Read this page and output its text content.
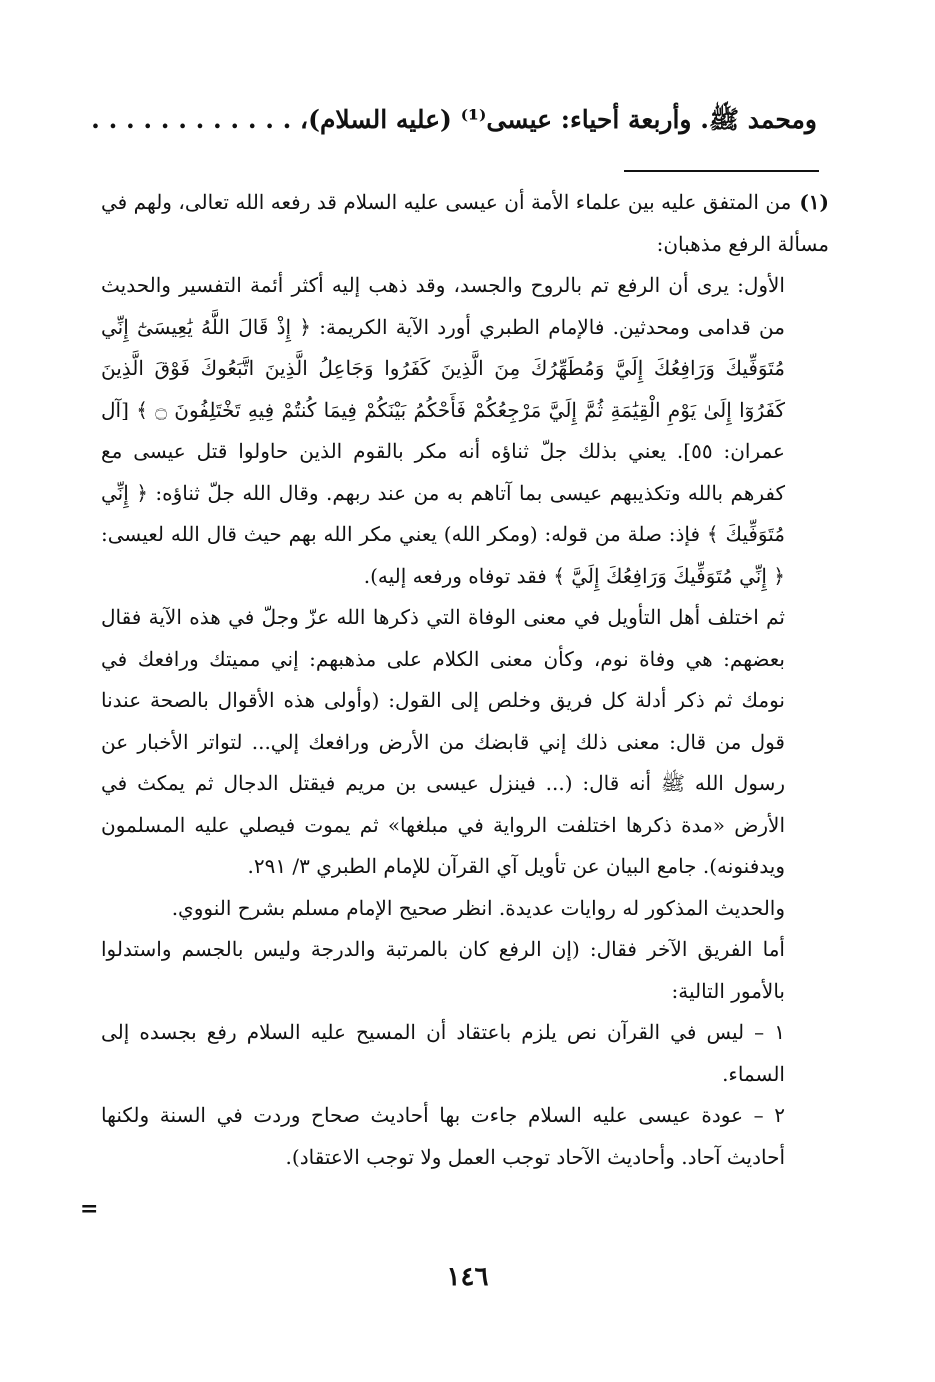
ومحمد ﷺ. وأربعة أحياء: عيسى⁽¹⁾ (عليه السلام)، . . . . . . . . . . . .

(١)من المتفق عليه بين علماء الأمة أن عيسى عليه السلام قد رفعه الله تعالى، ولهم في مسألة الرفع مذهبان:

الأول: يرى أن الرفع تم بالروح والجسد، وقد ذهب إليه أكثر أئمة التفسير والحديث من قدامى ومحدثين. فالإمام الطبري أورد الآية الكريمة: ﴿ إِذْ قَالَ اللَّهُ يَٰعِيسَىٰٓ إِنِّي مُتَوَفِّيكَ وَرَافِعُكَ إِلَيَّ وَمُطَهِّرُكَ مِنَ الَّذِينَ كَفَرُوا وَجَاعِلُ الَّذِينَ اتَّبَعُوكَ فَوْقَ الَّذِينَ كَفَرُوٓا إِلَىٰ يَوْمِ الْقِيَٰمَةِ ثُمَّ إِلَيَّ مَرْجِعُكُمْ فَأَحْكُمُ بَيْنَكُمْ فِيمَا كُنتُمْ فِيهِ تَخْتَلِفُونَ ۝ ﴾ [آل عمران: ٥٥]. يعني بذلك جلّ ثناؤه أنه مكر بالقوم الذين حاولوا قتل عيسى مع كفرهم بالله وتكذيبهم عيسى بما آتاهم به من عند ربهم. وقال الله جلّ ثناؤه: ﴿ إِنِّي مُتَوَفِّيكَ ﴾ فإذ: صلة من قوله: (ومكر الله) يعني مكر الله بهم حيث قال الله لعيسى: ﴿ إِنِّي مُتَوَفِّيكَ وَرَافِعُكَ إِلَيَّ ﴾ فقد توفاه ورفعه إليه).

ثم اختلف أهل التأويل في معنى الوفاة التي ذكرها الله عزّ وجلّ في هذه الآية فقال بعضهم: هي وفاة نوم، وكأن معنى الكلام على مذهبهم: إني مميتك ورافعك في نومك ثم ذكر أدلة كل فريق وخلص إلى القول: (وأولى هذه الأقوال بالصحة عندنا قول من قال: معنى ذلك إني قابضك من الأرض ورافعك إلي... لتواتر الأخبار عن رسول الله ﷺ أنه قال: (... فينزل عيسى بن مريم فيقتل الدجال ثم يمكث في الأرض «مدة ذكرها اختلفت الرواية في مبلغها» ثم يموت فيصلي عليه المسلمون ويدفنونه). جامع البيان عن تأويل آي القرآن للإمام الطبري ٣/ ٢٩١.

والحديث المذكور له روايات عديدة. انظر صحيح الإمام مسلم بشرح النووي.

أما الفريق الآخر فقال: (إن الرفع كان بالمرتبة والدرجة وليس بالجسم واستدلوا بالأمور التالية:

١ – ليس في القرآن نص يلزم باعتقاد أن المسيح عليه السلام رفع بجسده إلى السماء.

٢ – عودة عيسى عليه السلام جاءت بها أحاديث صحاح وردت في السنة ولكنها أحاديث آحاد. وأحاديث الآحاد توجب العمل ولا توجب الاعتقاد).

=
١٤٦
